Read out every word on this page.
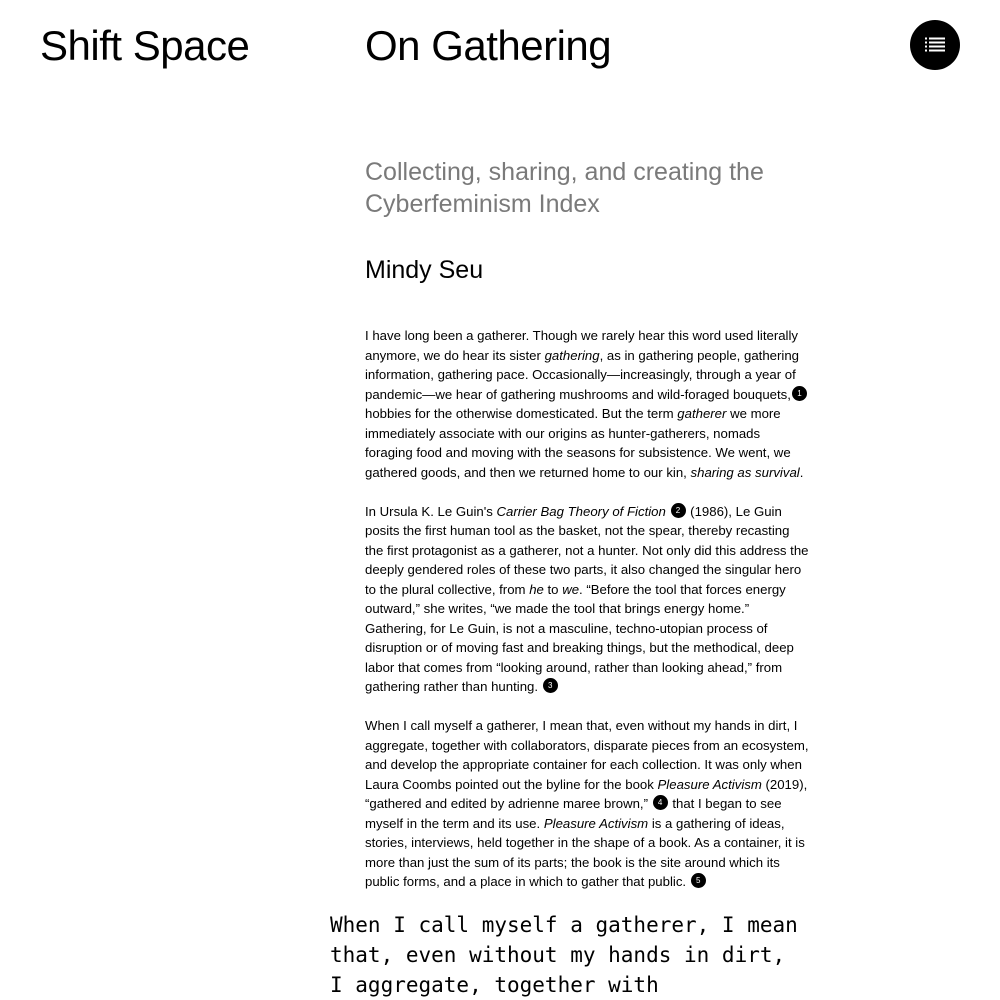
Shift Space	On Gathering
Collecting, sharing, and creating the
Cyberfeminism Index
Mindy Seu

I have long been a gatherer. Though we rarely hear this word used literally anymore, we do hear its sister gathering, as in gathering people, gathering information, gathering pace. Occasionally—increasingly, through a year of pandemic—we hear of gathering mushrooms and wild-foraged bouquets, 1 hobbies for the otherwise domesticated. But the term gatherer we more immediately associate with our origins as hunter-gatherers, nomads foraging food and moving with the seasons for subsistence. We went, we gathered goods, and then we returned home to our kin, sharing as survival.

In Ursula K. Le Guin's Carrier Bag Theory of Fiction 2 (1986), Le Guin posits the first human tool as the basket, not the spear, thereby recasting the first protagonist as a gatherer, not a hunter. Not only did this address the deeply gendered roles of these two parts, it also changed the singular hero to the plural collective, from he to we. “Before the tool that forces energy outward,” she writes, “we made the tool that brings energy home.” Gathering, for Le Guin, is not a masculine, techno-utopian process of disruption or of moving fast and breaking things, but the methodical, deep labor that comes from “looking around, rather than looking ahead,” from gathering rather than hunting. 3

When I call myself a gatherer, I mean that, even without my hands in dirt, I aggregate, together with collaborators, disparate pieces from an ecosystem, and develop the appropriate container for each collection. It was only when Laura Coombs pointed out the byline for the book Pleasure Activism (2019), “gathered and edited by adrienne maree brown,” 4 that I began to see myself in the term and its use. Pleasure Activism is a gathering of ideas, stories, interviews, held together in the shape of a book. As a container, it is more than just the sum of its parts; the book is the site around which its public forms, and a place in which to gather that public. 5

When I call myself a gatherer, I mean
that, even without my hands in dirt,
I aggregate, together with
